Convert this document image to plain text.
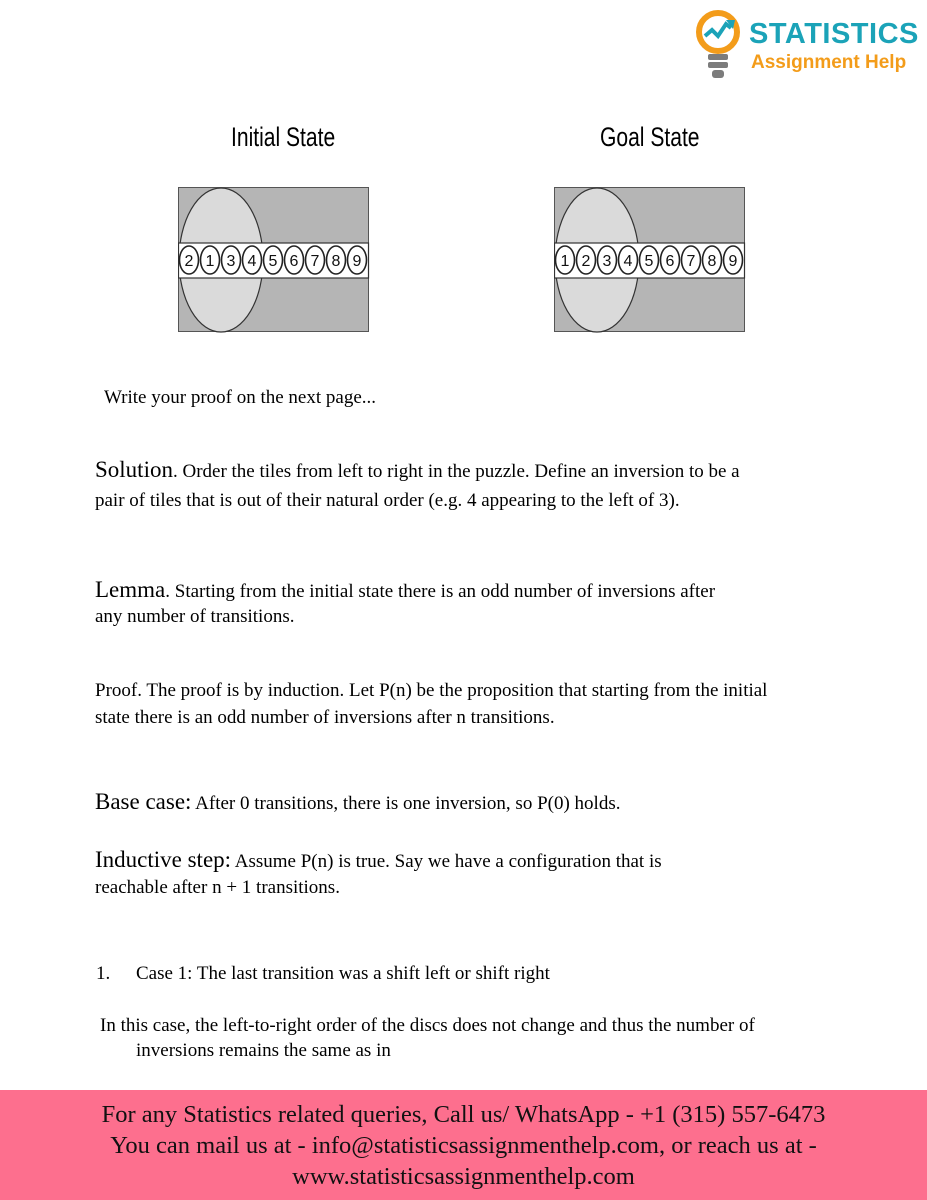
STATISTICS
Assignment Help
Initial State	Goal State
2 1 3 4 5 6 7 8 9	1 2 3 4 5 6 7 8 9
Write your proof on the next page...
Solution. Order the tiles from left to right in the puzzle. Define an inversion to be a
pair of tiles that is out of their natural order (e.g. 4 appearing to the left of 3).
Lemma. Starting from the initial state there is an odd number of inversions after
any number of transitions.
Proof. The proof is by induction. Let P(n) be the proposition that starting from the initial
state there is an odd number of inversions after n transitions.
Base case: After 0 transitions, there is one inversion, so P(0) holds.
Inductive step: Assume P(n) is true. Say we have a configuration that is
reachable after n + 1 transitions.
1. Case 1: The last transition was a shift left or shift right
In this case, the left-to-right order of the discs does not change and thus the number of
inversions remains the same as in
For any Statistics related queries, Call us/ WhatsApp - +1 (315) 557-6473
You can mail us at - info@statisticsassignmenthelp.com, or reach us at -
www.statisticsassignmenthelp.com
